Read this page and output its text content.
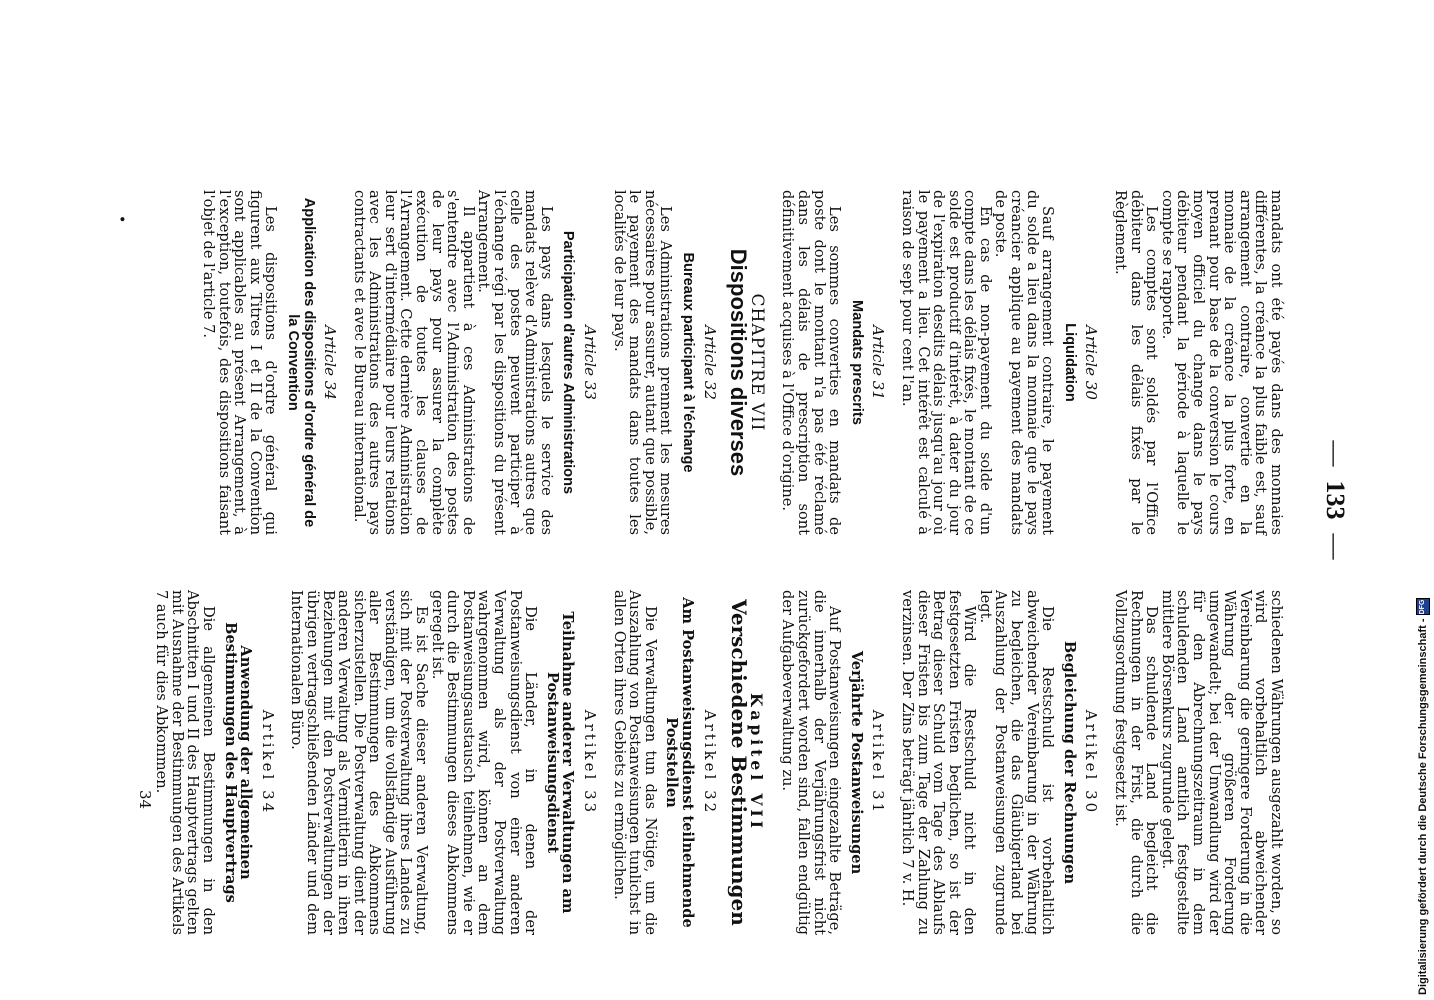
—133—

mandats ont été payés dans des monnaies différentes, la créance la plus faible est, sauf arrangement contraire, convertie en la monnaie de la créance la plus forte, en prenant pour base de la conversion le cours moyen officiel du change dans le pays débiteur pendant la période à laquelle le compte se rapporte.

Les comptes sont soldés par l'Office débiteur dans les délais fixés par le Règlement.

Article 30
Liquidation

Sauf arrangement contraire, le payement du solde a lieu dans la monnaie que le pays créancier applique au payement des mandats de poste.

En cas de non-payement du solde d'un compte dans les délais fixés, le montant de ce solde est productif d'intérêt, à dater du jour de l'expiration desdits délais jusqu'au jour où le payement a lieu. Cet intérêt est calculé à raison de sept pour cent l'an.

Article 31
Mandats prescrits

Les sommes converties en mandats de poste dont le montant n'a pas été réclamé dans les délais de prescription sont définitivement acquises à l'Office d'origine.

CHAPITRE VII
Dispositions diverses
Article 32
Bureaux participant à l'échange

Les Administrations prennent les mesures nécessaires pour assurer, autant que possible, le payement des mandats dans toutes les localités de leur pays.

Article 33
Participation d'autres Administrations

Les pays dans lesquels le service des mandats relève d'Administrations autres que celle des postes peuvent participer à l'échange régi par les dispositions du présent Arrangement.

Il appartient à ces Administrations de s'entendre avec l'Administration des postes de leur pays pour assurer la complète exécution de toutes les clauses de l'Arrangement. Cette dernière Administration leur sert d'intermédiaire pour leurs relations avec les Administrations des autres pays contractants et avec le Bureau international.

Article 34
Application des dispositions d'ordre général de la Convention

Les dispositions d'ordre général qui figurent aux Titres I et II de la Convention sont applicables au présent Arrangement, à l'exception, toutefois, des dispositions faisant l'objet de l'article 7.

schiedenen Währungen ausgezahlt worden, so wird vorbehaltlich abweichender Vereinbarung die geringere Forderung in die Währung der größeren Forderung umgewandelt; bei der Umwandlung wird der für den Abrechnungszeitraum in dem schuldenden Land amtlich festgestellte mittlere Börsenkurs zugrunde gelegt.

Das schuldende Land begleicht die Rechnungen in der Frist, die durch die Vollzugsordnung festgesetzt ist.

Artikel 30
Begleichung der Rechnungen

Die Restschuld ist vorbehaltlich abweichender Vereinbarung in der Währung zu begleichen, die das Gläubigerland bei Auszahlung der Postanweisungen zugrunde legt.

Wird die Restschuld nicht in den festgesetzten Fristen beglichen, so ist der Betrag dieser Schuld vom Tage des Ablaufs dieser Fristen bis zum Tage der Zahlung zu verzinsen. Der Zins beträgt jährlich 7 v. H.

Artikel 31
Verjährte Postanweisungen

Auf Postanweisungen eingezahlte Beträge, die innerhalb der Verjährungsfrist nicht zurückgefordert worden sind, fallen endgültig der Aufgabeverwaltung zu.

Kapitel VII
Verschiedene Bestimmungen
Artikel 32
Am Postanweisungsdienst teilnehmende Poststellen

Die Verwaltungen tun das Nötige, um die Auszahlung von Postanweisungen tunlichst in allen Orten ihres Gebiets zu ermöglichen.

Artikel 33
Teilnahme anderer Verwaltungen am Postanweisungsdienst

Die Länder, in denen der Postanweisungsdienst von einer anderen Verwaltung als der Postverwaltung wahrgenommen wird, können an dem Postanweisungsaustausch teilnehmen, wie er durch die Bestimmungen dieses Abkommens geregelt ist.

Es ist Sache dieser anderen Verwaltung, sich mit der Postverwaltung ihres Landes zu verständigen, um die vollständige Ausführung aller Bestimmungen des Abkommens sicherzustellen. Die Postverwaltung dient der anderen Verwaltung als Vermittlerin in ihren Beziehungen mit den Postverwaltungen der übrigen vertragschließenden Länder und dem Internationalen Büro.

Artikel 34
Anwendung der allgemeinen Bestimmungen des Hauptvertrags

Die allgemeinen Bestimmungen in den Abschnitten I und II des Hauptvertrags gelten mit Ausnahme der Bestimmungen des Artikels 7 auch für dies Abkommen.

34
•
Digitalisierung gefördert durch die Deutsche Forschungsgemeinschaft -DFG
